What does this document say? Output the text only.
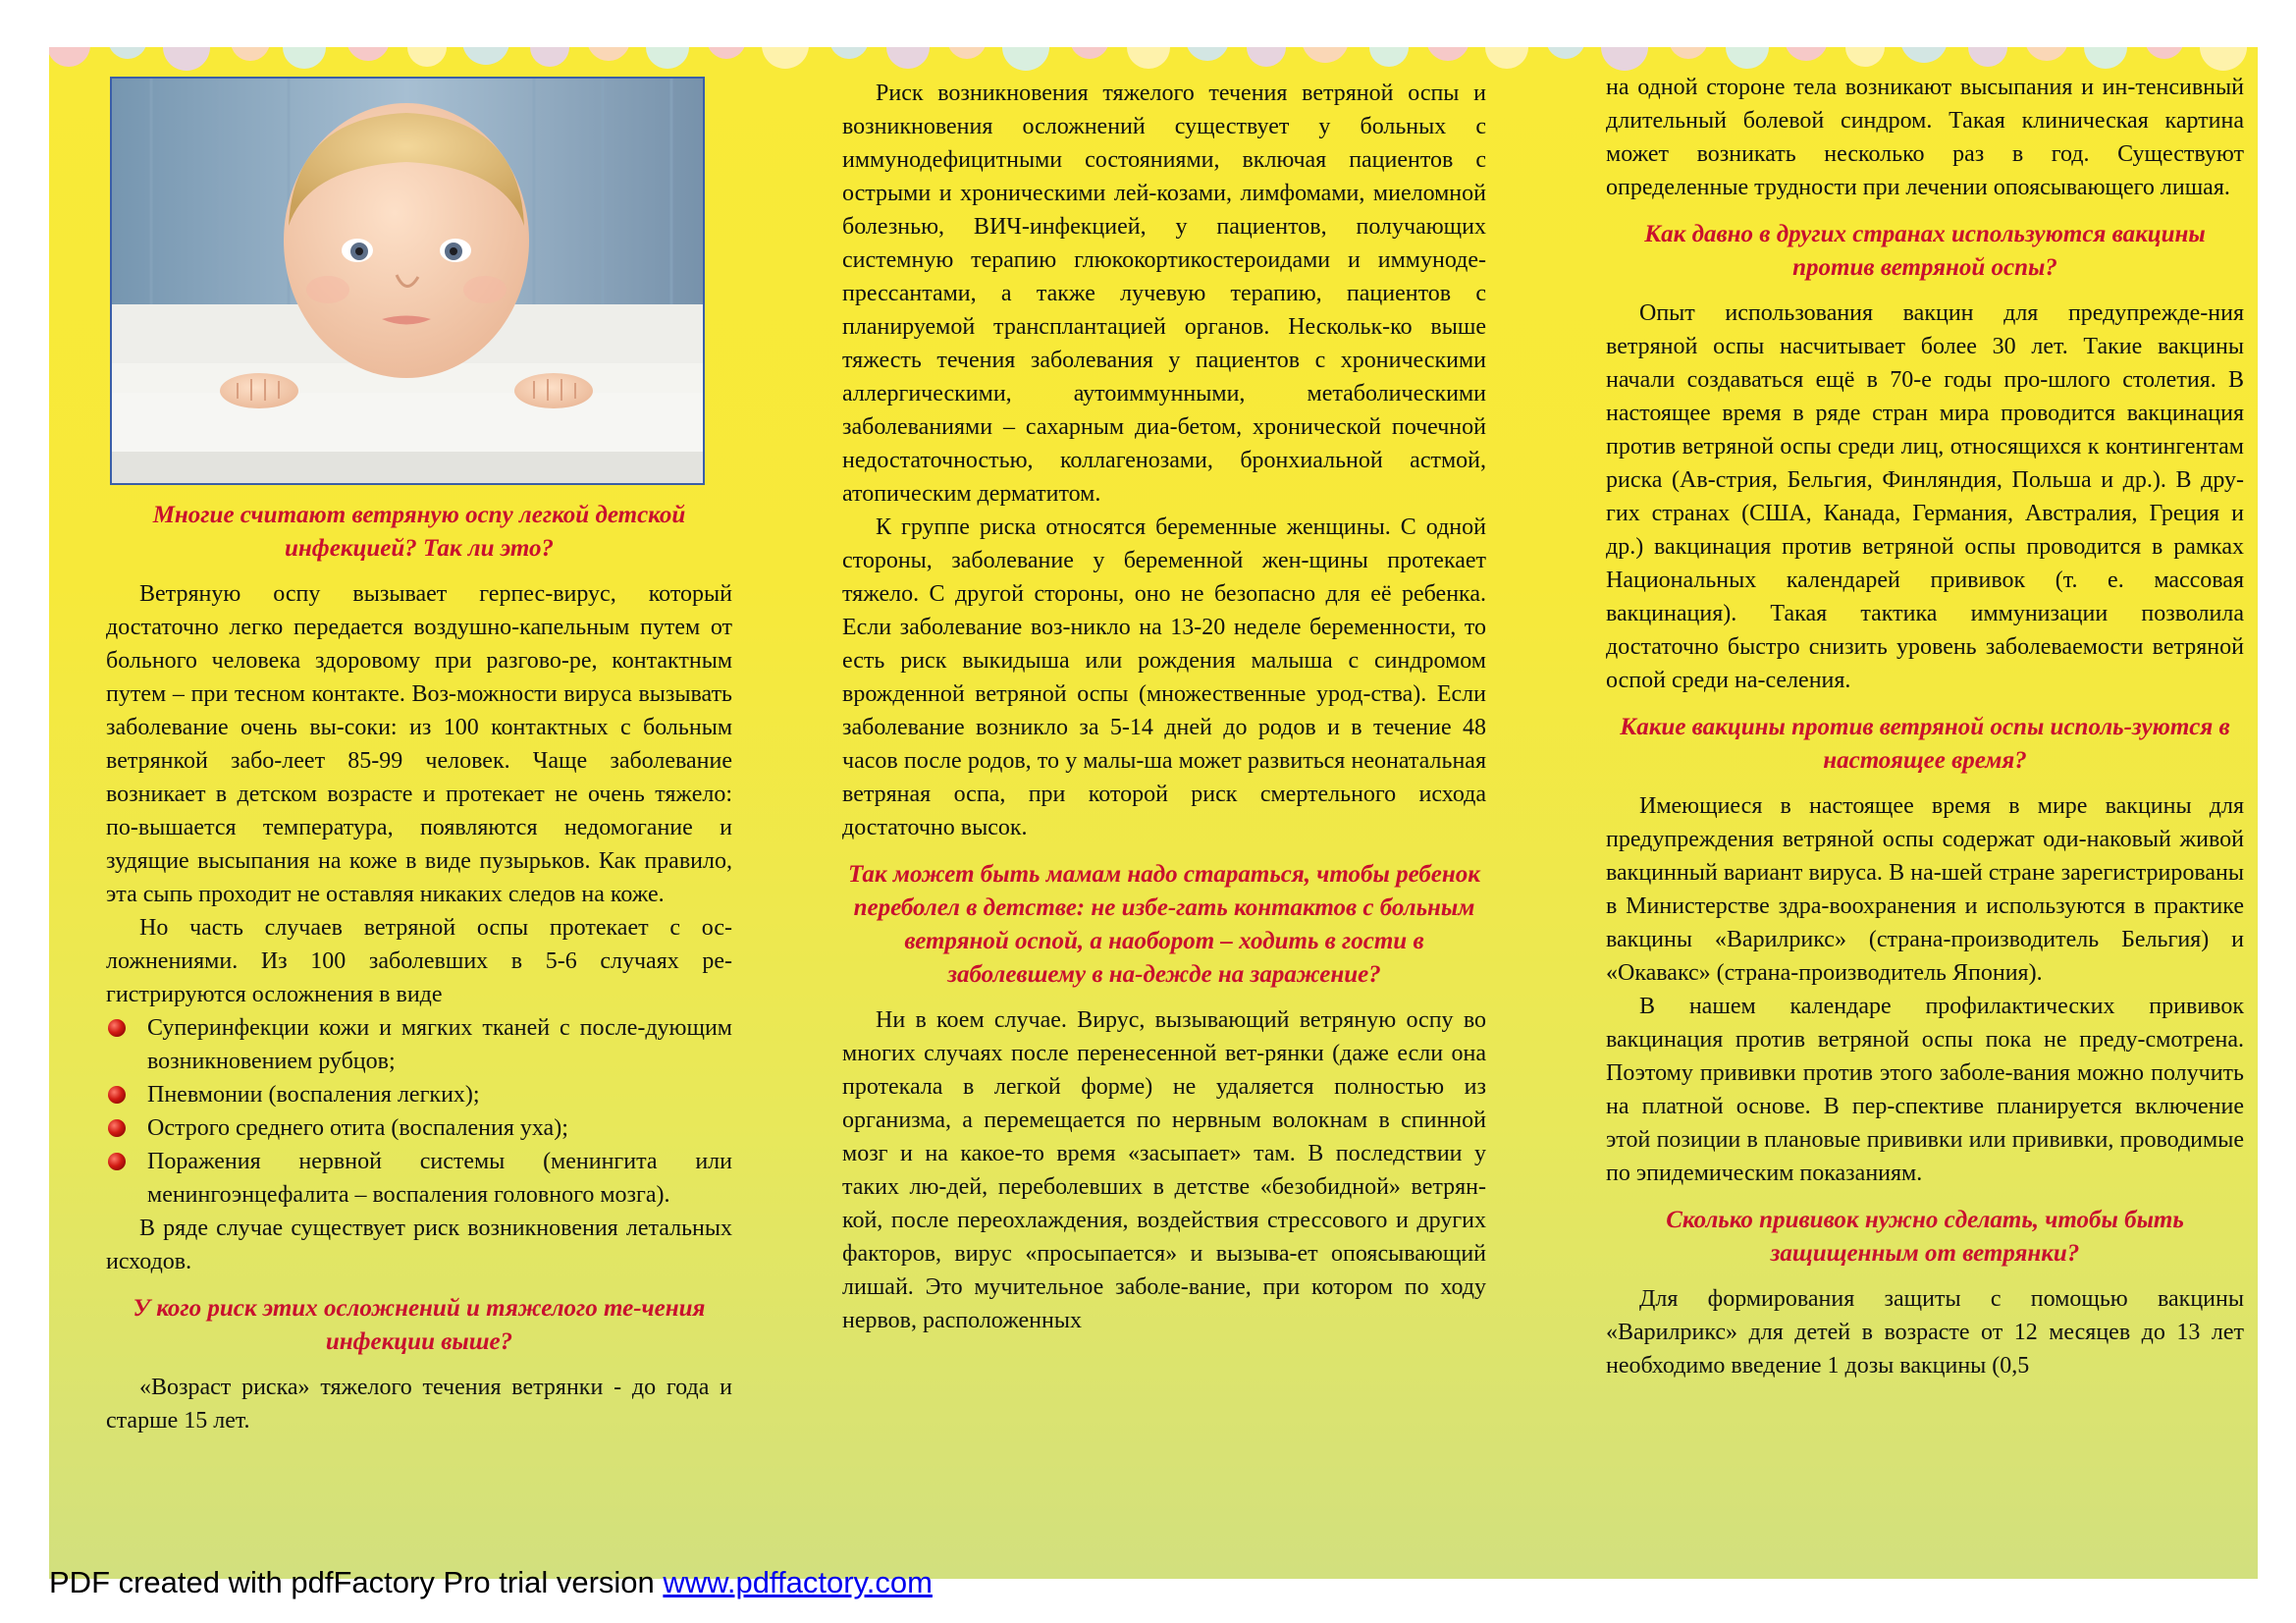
Многие считают ветряную оспу легкой детской инфекцией? Так ли это?

Ветряную оспу вызывает герпес-вирус, который достаточно легко передается воздушно-капельным путем от больного человека здоровому при разгово-ре, контактным путем – при тесном контакте. Воз-можности вируса вызывать заболевание очень вы-соки: из 100 контактных с больным ветрянкой забо-леет 85-99 человек. Чаще заболевание возникает в детском возрасте и протекает не очень тяжело: по-вышается температура, появляются недомогание и зудящие высыпания на коже в виде пузырьков. Как правило, эта сыпь проходит не оставляя никаких следов на коже.

Но часть случаев ветряной оспы протекает с ос-ложнениями. Из 100 заболевших в 5-6 случаях ре-гистрируются осложнения в виде

Суперинфекции кожи и мягких тканей с после-дующим возникновением рубцов;
Пневмонии (воспаления легких);
Острого среднего отита (воспаления уха);
Поражения нервной системы (менингита или менингоэнцефалита – воспаления головного мозга).

В ряде случае существует риск возникновения летальных исходов.

У кого риск этих осложнений и тяжелого те-чения инфекции выше?

«Возраст риска» тяжелого течения ветрянки - до года и старше 15 лет.

Риск возникновения тяжелого течения ветряной оспы и возникновения осложнений существует у больных с иммунодефицитными состояниями, включая пациентов с острыми и хроническими лей-козами, лимфомами, миеломной болезнью, ВИЧ-инфекцией, у пациентов, получающих системную терапию глюкокортикостероидами и иммуноде-прессантами, а также лучевую терапию, пациентов с планируемой трансплантацией органов. Нескольк-ко выше тяжесть течения заболевания у пациентов с хроническими аллергическими, аутоиммунными, метаболическими заболеваниями – сахарным диа-бетом, хронической почечной недостаточностью, коллагенозами, бронхиальной астмой, атопическим дерматитом.

К группе риска относятся беременные женщины. С одной стороны, заболевание у беременной жен-щины протекает тяжело. С другой стороны, оно не безопасно для её ребенка. Если заболевание воз-никло на 13-20 неделе беременности, то есть риск выкидыша или рождения малыша с синдромом врожденной ветряной оспы (множественные урод-ства). Если заболевание возникло за 5-14 дней до родов и в течение 48 часов после родов, то у малы-ша может развиться неонатальная ветряная оспа, при которой риск смертельного исхода достаточно высок.

Так может быть мамам надо стараться, чтобы ребенок переболел в детстве: не избе-гать контактов с больным ветряной оспой, а наоборот – ходить в гости в заболевшему в на-дежде на заражение?

Ни в коем случае. Вирус, вызывающий ветряную оспу во многих случаях после перенесенной вет-рянки (даже если она протекала в легкой форме) не удаляется полностью из организма, а перемещается по нервным волокнам в спинной мозг и на какое-то время «засыпает» там. В последствии у таких лю-дей, переболевших в детстве «безобидной» ветрян-кой, после переохлаждения, воздействия стрессового и других факторов, вирус «просыпается» и вызыва-ет опоясывающий лишай. Это мучительное заболе-вание, при котором по ходу нервов, расположенных

на одной стороне тела возникают высыпания и ин-тенсивный длительный болевой синдром. Такая клиническая картина может возникать несколько раз в год. Существуют определенные трудности при лечении опоясывающего лишая.

Как давно в других странах используются вакцины против ветряной оспы?

Опыт использования вакцин для предупрежде-ния ветряной оспы насчитывает более 30 лет. Такие вакцины начали создаваться ещё в 70-е годы про-шлого столетия. В настоящее время в ряде стран мира проводится вакцинация против ветряной оспы среди лиц, относящихся к контингентам риска (Ав-стрия, Бельгия, Финляндия, Польша и др.). В дру-гих странах (США, Канада, Германия, Австралия, Греция и др.) вакцинация против ветряной оспы проводится в рамках Национальных календарей прививок (т. е. массовая вакцинация). Такая тактика иммунизации позволила достаточно быстро снизить уровень заболеваемости ветряной оспой среди на-селения.

Какие вакцины против ветряной оспы исполь-зуются в настоящее время?

Имеющиеся в настоящее время в мире вакцины для предупреждения ветряной оспы содержат оди-наковый живой вакцинный вариант вируса. В на-шей стране зарегистрированы в Министерстве здра-воохранения и используются в практике вакцины «Варилрикс» (страна-производитель Бельгия) и «Окавакс» (страна-производитель Япония).

В нашем календаре профилактических прививок вакцинация против ветряной оспы пока не преду-смотрена. Поэтому прививки против этого заболе-вания можно получить на платной основе. В пер-спективе планируется включение этой позиции в плановые прививки или прививки, проводимые по эпидемическим показаниям.

Сколько прививок нужно сделать, чтобы быть защищенным от ветрянки?

Для формирования защиты с помощью вакцины «Варилрикс» для детей в возрасте от 12 месяцев до 13 лет необходимо введение 1 дозы вакцины (0,5

PDF created with pdfFactory Pro trial version www.pdffactory.com
